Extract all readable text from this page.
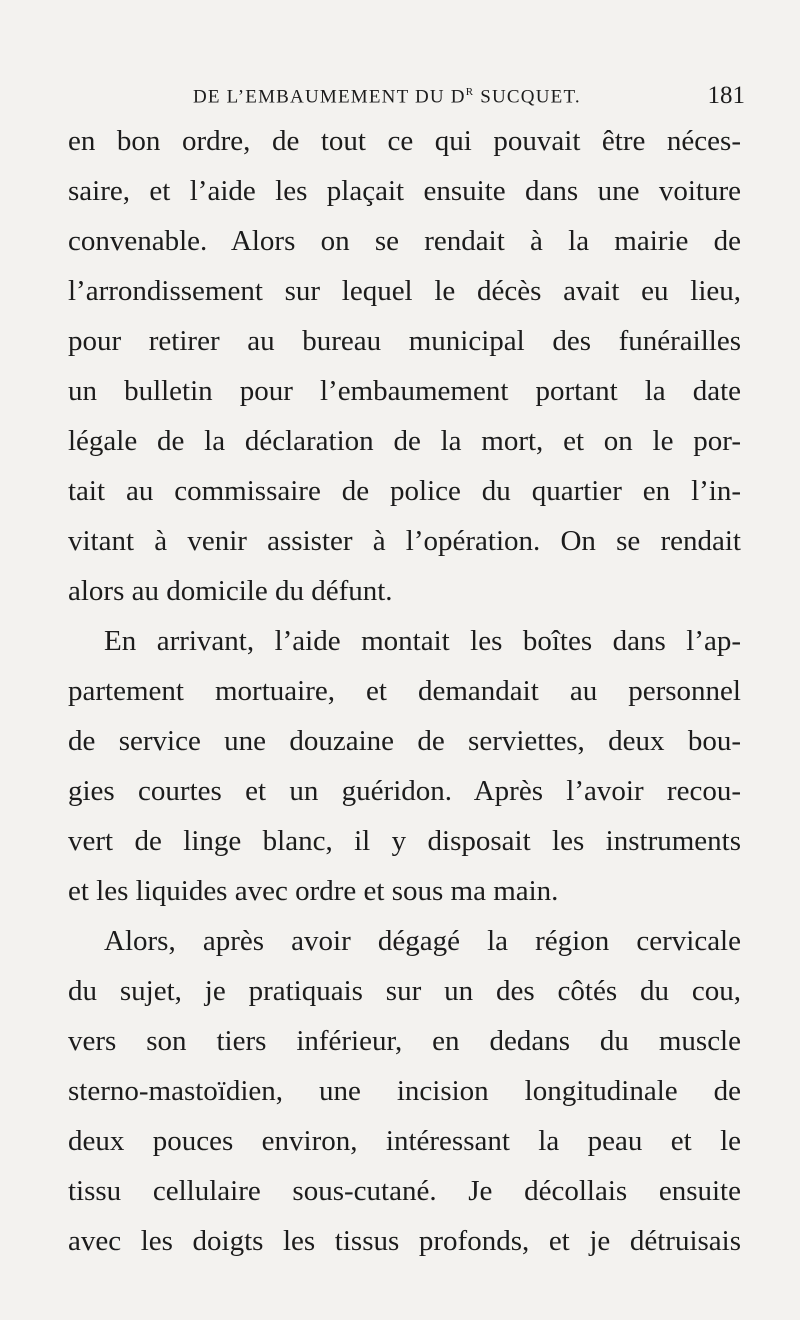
DE L’EMBAUMEMENT DU $D^R$ SUCQUET.	181
en bon ordre, de tout ce qui pouvait être néces-
saire, et l’aide les plaçait ensuite dans une voiture
convenable. Alors on se rendait à la mairie de
l’arrondissement sur lequel le décès avait eu lieu,
pour retirer au bureau municipal des funérailles
un bulletin pour l’embaumement portant la date
légale de la déclaration de la mort, et on le por-
tait au commissaire de police du quartier en l’in-
vitant à venir assister à l’opération. On se rendait
alors au domicile du défunt.
En arrivant, l’aide montait les boîtes dans l’ap-
partement mortuaire, et demandait au personnel
de service une douzaine de serviettes, deux bou-
gies courtes et un guéridon. Après l’avoir recou-
vert de linge blanc, il y disposait les instruments
et les liquides avec ordre et sous ma main.
Alors, après avoir dégagé la région cervicale
du sujet, je pratiquais sur un des côtés du cou,
vers son tiers inférieur, en dedans du muscle
sterno-mastoïdien, une incision longitudinale de
deux pouces environ, intéressant la peau et le
tissu cellulaire sous-cutané. Je décollais ensuite
avec les doigts les tissus profonds, et je détruisais
